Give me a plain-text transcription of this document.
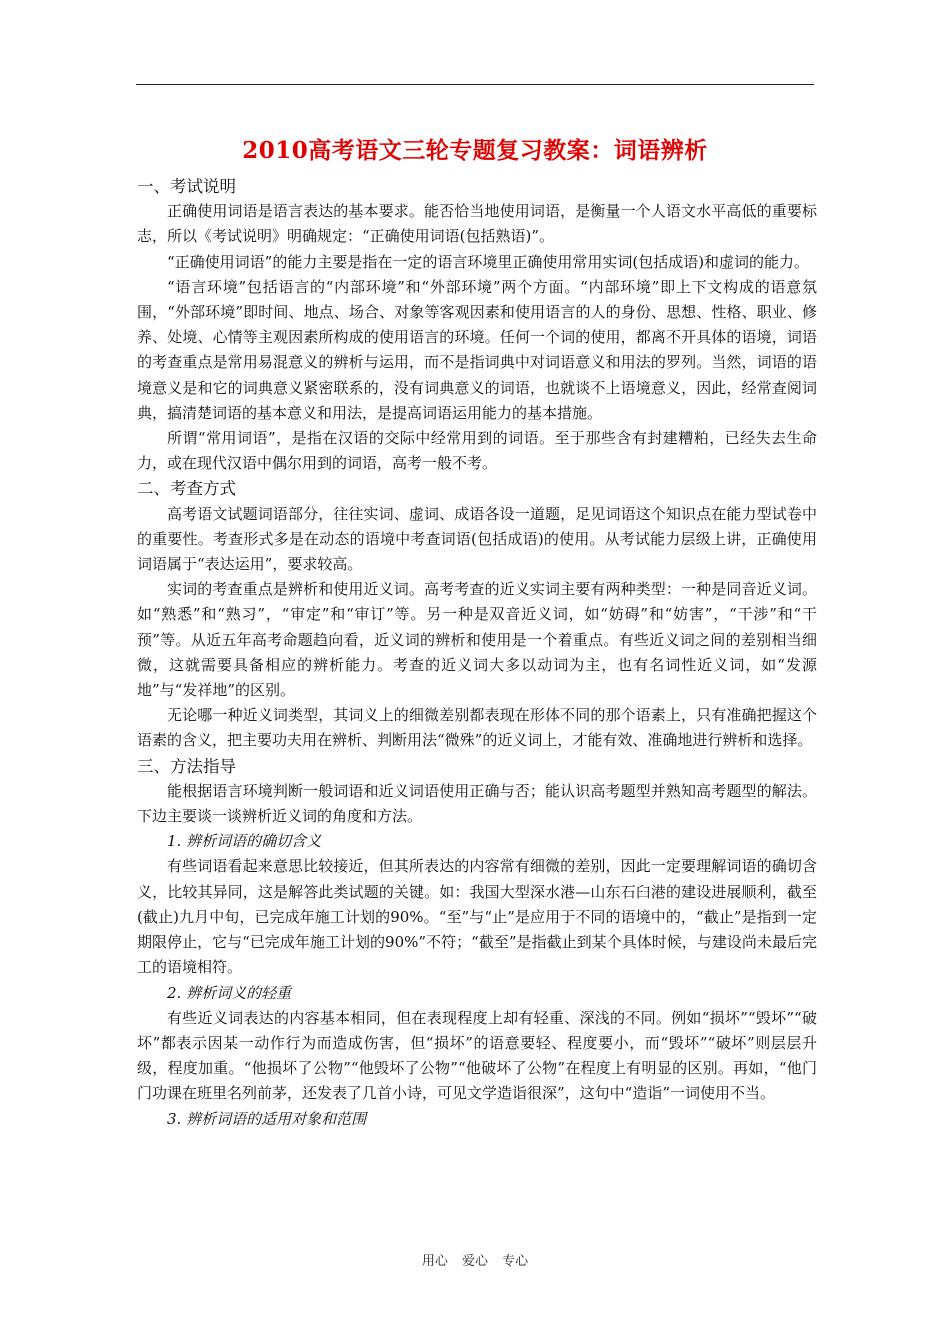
2010高考语文三轮专题复习教案：词语辨析

一、考试说明

正确使用词语是语言表达的基本要求。能否恰当地使用词语，是衡量一个人语文水平高低的重要标志，所以《考试说明》明确规定：“正确使用词语(包括熟语)”。

“正确使用词语”的能力主要是指在一定的语言环境里正确使用常用实词(包括成语)和虚词的能力。

“语言环境”包括语言的“内部环境”和“外部环境”两个方面。“内部环境”即上下文构成的语意氛围，“外部环境”即时间、地点、场合、对象等客观因素和使用语言的人的身份、思想、性格、职业、修养、处境、心情等主观因素所构成的使用语言的环境。任何一个词的使用，都离不开具体的语境，词语的考查重点是常用易混意义的辨析与运用，而不是指词典中对词语意义和用法的罗列。当然，词语的语境意义是和它的词典意义紧密联系的，没有词典意义的词语，也就谈不上语境意义，因此，经常查阅词典，搞清楚词语的基本意义和用法，是提高词语运用能力的基本措施。

所谓“常用词语”，是指在汉语的交际中经常用到的词语。至于那些含有封建糟粕，已经失去生命力，或在现代汉语中偶尔用到的词语，高考一般不考。

二、考查方式

高考语文试题词语部分，往往实词、虚词、成语各设一道题，足见词语这个知识点在能力型试卷中的重要性。考查形式多是在动态的语境中考查词语(包括成语)的使用。从考试能力层级上讲，正确使用词语属于“表达运用”，要求较高。

实词的考查重点是辨析和使用近义词。高考考查的近义实词主要有两种类型：一种是同音近义词。如“熟悉”和“熟习”，“审定”和“审订”等。另一种是双音近义词，如“妨碍”和“妨害”，“干涉”和“干预”等。从近五年高考命题趋向看，近义词的辨析和使用是一个着重点。有些近义词之间的差别相当细微，这就需要具备相应的辨析能力。考查的近义词大多以动词为主，也有名词性近义词，如“发源地”与“发祥地”的区别。

无论哪一种近义词类型，其词义上的细微差别都表现在形体不同的那个语素上，只有准确把握这个语素的含义，把主要功夫用在辨析、判断用法“微殊”的近义词上，才能有效、准确地进行辨析和选择。

三、方法指导

能根据语言环境判断一般词语和近义词语使用正确与否；能认识高考题型并熟知高考题型的解法。下边主要谈一谈辨析近义词的角度和方法。

1. 辨析词语的确切含义

有些词语看起来意思比较接近，但其所表达的内容常有细微的差别，因此一定要理解词语的确切含义，比较其异同，这是解答此类试题的关键。如：我国大型深水港—山东石臼港的建设进展顺利，截至(截止)九月中旬，已完成年施工计划的90%。“至”与“止”是应用于不同的语境中的，“截止”是指到一定期限停止，它与“已完成年施工计划的90%”不符；“截至”是指截止到某个具体时候，与建设尚未最后完工的语境相符。

2. 辨析词义的轻重

有些近义词表达的内容基本相同，但在表现程度上却有轻重、深浅的不同。例如“损坏”“毁坏”“破坏”都表示因某一动作行为而造成伤害，但“损坏”的语意要轻、程度要小，而“毁坏”“破坏”则层层升级，程度加重。“他损坏了公物”“他毁坏了公物”“他破坏了公物”在程度上有明显的区别。再如，“他门门功课在班里名列前茅，还发表了几首小诗，可见文学造诣很深”，这句中“造诣”一词使用不当。

3. 辨析词语的适用对象和范围

用心 爱心 专心
